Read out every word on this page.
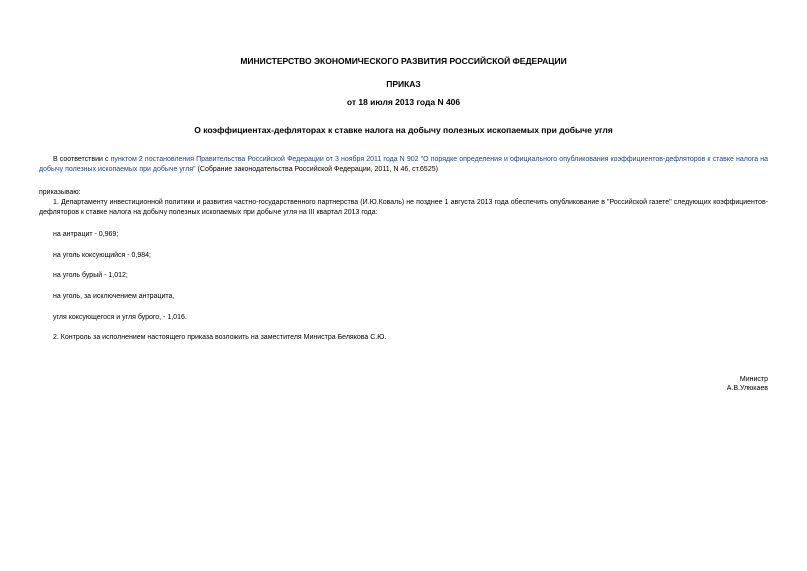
МИНИСТЕРСТВО ЭКОНОМИЧЕСКОГО РАЗВИТИЯ РОССИЙСКОЙ ФЕДЕРАЦИИ
ПРИКАЗ
от 18 июля 2013 года N 406
О коэффициентах-дефляторах к ставке налога на добычу полезных ископаемых при добыче угля
В соответствии с пунктом 2 постановления Правительства Российской Федерации от 3 ноября 2011 года N 902 "О порядке определения и официального опубликования коэффициентов-дефляторов к ставке налога на добычу полезных ископаемых при добыче угля" (Собрание законодательства Российской Федерации, 2011, N 46, ст.6525)
приказываю:
1. Департаменту инвестиционной политики и развития частно-государственного партнерства (И.Ю.Коваль) не позднее 1 августа 2013 года обеспечить опубликование в "Российской газете" следующих коэффициентов-дефляторов к ставке налога на добычу полезных ископаемых при добыче угля на III квартал 2013 года:
на антрацит - 0,969;
на уголь коксующийся - 0,984;
на уголь бурый - 1,012;
на уголь, за исключением антрацита,
угля коксующегося и угля бурого, - 1,016.
2. Контроль за исполнением настоящего приказа возложить на заместителя Министра Белякова С.Ю.
Министр
А.В.Улюкаев
